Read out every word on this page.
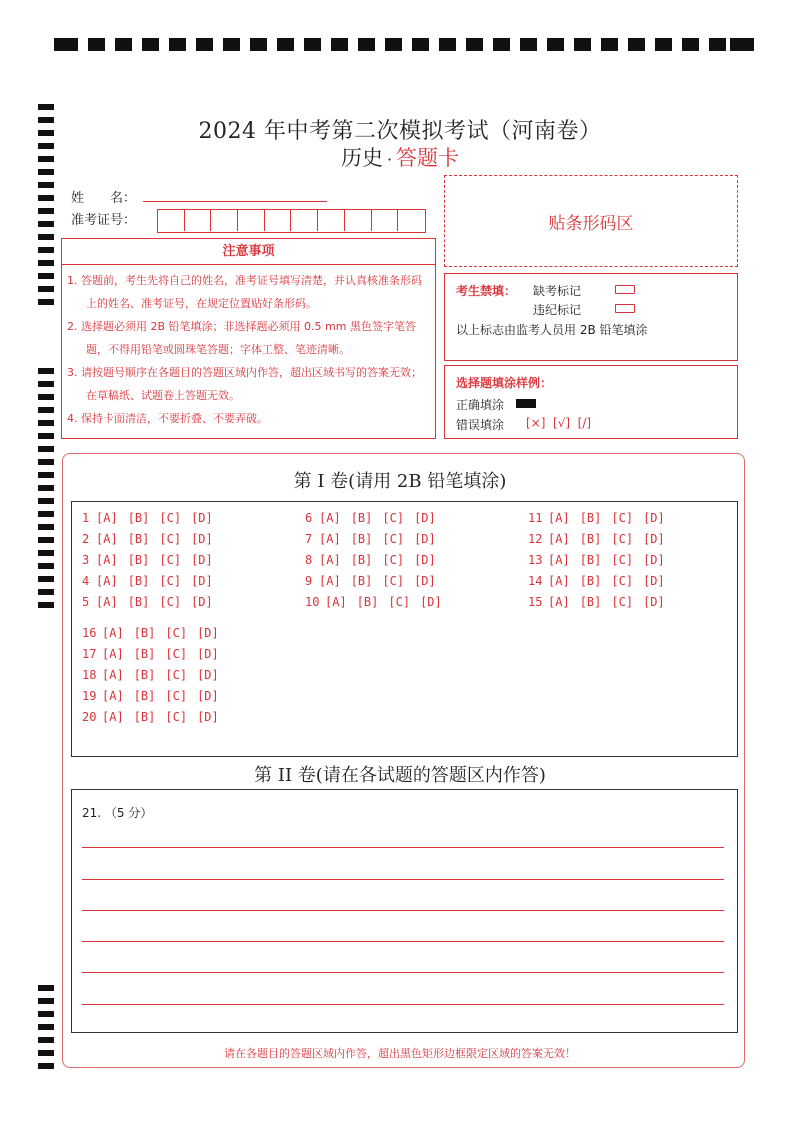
2024 年中考第二次模拟考试（河南卷）
历史 · 答题卡
姓　　名：
准考证号：	贴条形码区
注意事项
1. 答题前，考生先将自己的姓名，准考证号填写清楚，并认真核准条形码上的姓名、准考证号，在规定位置贴好条形码。
2. 选择题必须用 2B 铅笔填涂；非选择题必须用 0.5 mm 黑色签字笔答题，不得用铅笔或圆珠笔答题；字体工整、笔迹清晰。
3. 请按题号顺序在各题目的答题区域内作答，超出区域书写的答案无效；在草稿纸、试题卷上答题无效。
4. 保持卡面清洁，不要折叠、不要弄破。
考生禁填： 缺考标记
违纪标记
以上标志由监考人员用 2B 铅笔填涂
选择题填涂样例：
正确填涂
错误填涂 [×]  [√]  [/]
第 I 卷(请用 2B 铅笔填涂)
1 [A] [B] [C] [D]
2 [A] [B] [C] [D]
3 [A] [B] [C] [D]
4 [A] [B] [C] [D]
5 [A] [B] [C] [D]
6 [A] [B] [C] [D]
7 [A] [B] [C] [D]
8 [A] [B] [C] [D]
9 [A] [B] [C] [D]
10 [A] [B] [C] [D]
11 [A] [B] [C] [D]
12 [A] [B] [C] [D]
13 [A] [B] [C] [D]
14 [A] [B] [C] [D]
15 [A] [B] [C] [D]
16 [A] [B] [C] [D]
17 [A] [B] [C] [D]
18 [A] [B] [C] [D]
19 [A] [B] [C] [D]
20 [A] [B] [C] [D]
第 II 卷(请在各试题的答题区内作答)
21. （5 分）
请在各题目的答题区域内作答，超出黑色矩形边框限定区域的答案无效！
